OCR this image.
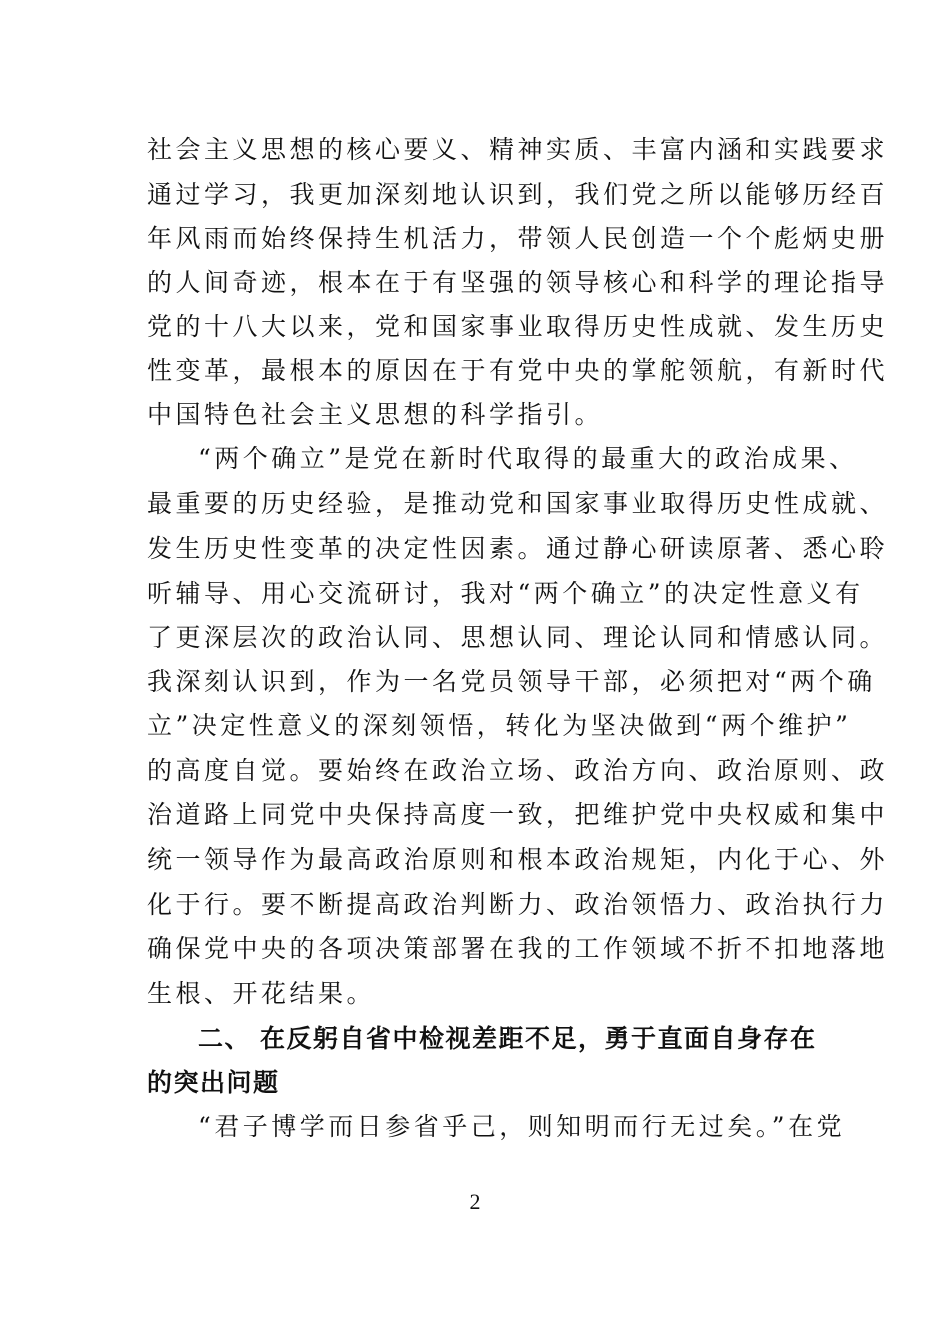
社会主义思想的核心要义、精神实质、丰富内涵和实践要求
通过学习，我更加深刻地认识到，我们党之所以能够历经百
年风雨而始终保持生机活力，带领人民创造一个个彪炳史册
的人间奇迹，根本在于有坚强的领导核心和科学的理论指导
党的十八大以来，党和国家事业取得历史性成就、发生历史
性变革，最根本的原因在于有党中央的掌舵领航，有新时代
中国特色社会主义思想的科学指引。
“两个确立”是党在新时代取得的最重大的政治成果、
最重要的历史经验，是推动党和国家事业取得历史性成就、
发生历史性变革的决定性因素。通过静心研读原著、悉心聆
听辅导、用心交流研讨，我对“两个确立”的决定性意义有
了更深层次的政治认同、思想认同、理论认同和情感认同。
我深刻认识到，作为一名党员领导干部，必须把对“两个确
立”决定性意义的深刻领悟，转化为坚决做到“两个维护”
的高度自觉。要始终在政治立场、政治方向、政治原则、政
治道路上同党中央保持高度一致，把维护党中央权威和集中
统一领导作为最高政治原则和根本政治规矩，内化于心、外
化于行。要不断提高政治判断力、政治领悟力、政治执行力
确保党中央的各项决策部署在我的工作领域不折不扣地落地
生根、开花结果。
二、 在反躬自省中检视差距不足，勇于直面自身存在
的突出问题
“君子博学而日参省乎己，则知明而行无过矣。”在党
2
